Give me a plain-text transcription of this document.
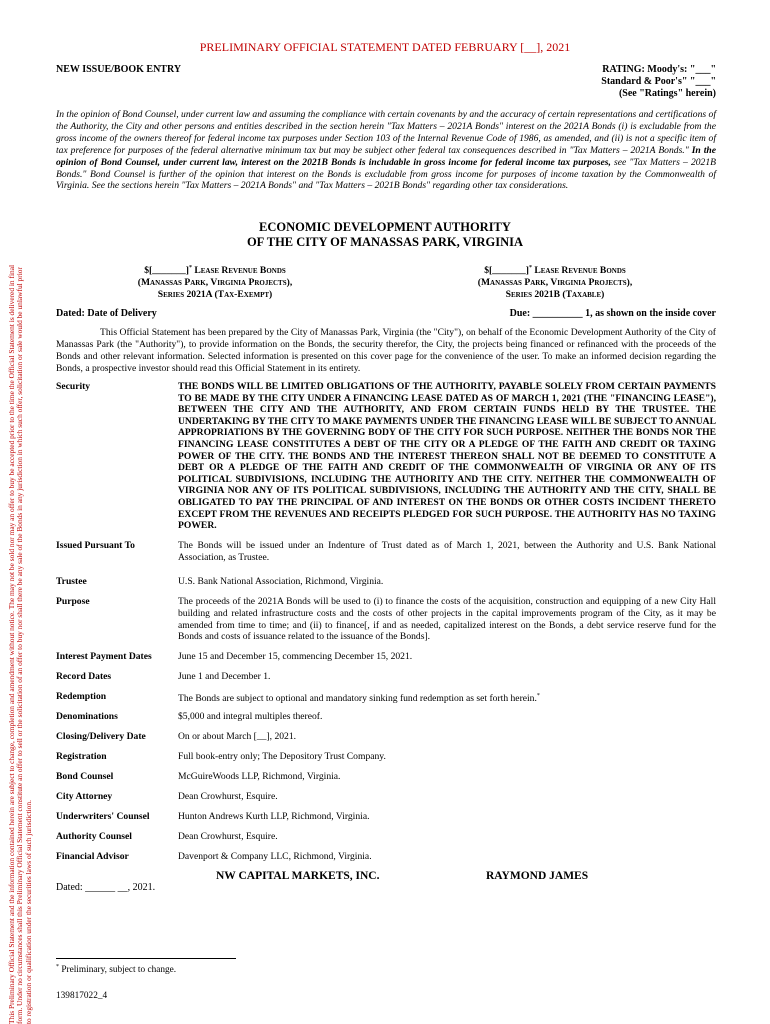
This Preliminary Official Statement and the information contained herein are subject to change, completion and amendment without notice. The may not be sold nor may an offer to buy be accepted prior to the time the Official Statement is delivered in final form. Under no circumstances shall this Preliminary Official Statement constitute an offer to sell or the solicitation of an offer to buy nor shall there be any sale of the Bonds in any jurisdiction in which such offer, solicitation or sale would be unlawful prior to registration or qualification under the securities laws of such jurisdiction.
PRELIMINARY OFFICIAL STATEMENT DATED FEBRUARY [__], 2021
NEW ISSUE/BOOK ENTRY	RATING: Moody's: "___"
Standard & Poor's" "___"
(See "Ratings" herein)
In the opinion of Bond Counsel, under current law and assuming the compliance with certain covenants by and the accuracy of certain representations and certifications of the Authority, the City and other persons and entities described in the section herein "Tax Matters – 2021A Bonds" interest on the 2021A Bonds (i) is excludable from the gross income of the owners thereof for federal income tax purposes under Section 103 of the Internal Revenue Code of 1986, as amended, and (ii) is not a specific item of tax preference for purposes of the federal alternative minimum tax but may be subject other federal tax consequences described in "Tax Matters – 2021A Bonds." In the opinion of Bond Counsel, under current law, interest on the 2021B Bonds is includable in gross income for federal income tax purposes, see "Tax Matters – 2021B Bonds." Bond Counsel is further of the opinion that interest on the Bonds is excludable from gross income for purposes of income taxation by the Commonwealth of Virginia. See the sections herein "Tax Matters – 2021A Bonds" and "Tax Matters – 2021B Bonds" regarding other tax considerations.
ECONOMIC DEVELOPMENT AUTHORITY
OF THE CITY OF MANASSAS PARK, VIRGINIA
$[_______]* Lease Revenue Bonds
(Manassas Park, Virginia Projects),
Series 2021A (Tax-Exempt)
$[_______]* Lease Revenue Bonds
(Manassas Park, Virginia Projects),
Series 2021B (Taxable)
Dated: Date of Delivery	Due: __________ 1, as shown on the inside cover
This Official Statement has been prepared by the City of Manassas Park, Virginia (the "City"), on behalf of the Economic Development Authority of the City of Manassas Park (the "Authority"), to provide information on the Bonds, the security therefor, the City, the projects being financed or refinanced with the proceeds of the Bonds and other relevant information. Selected information is presented on this cover page for the convenience of the user. To make an informed decision regarding the Bonds, a prospective investor should read this Official Statement in its entirety.
Security	THE BONDS WILL BE LIMITED OBLIGATIONS OF THE AUTHORITY, PAYABLE SOLELY FROM CERTAIN PAYMENTS TO BE MADE BY THE CITY UNDER A FINANCING LEASE DATED AS OF MARCH 1, 2021 (THE "FINANCING LEASE"), BETWEEN THE CITY AND THE AUTHORITY, AND FROM CERTAIN FUNDS HELD BY THE TRUSTEE. THE UNDERTAKING BY THE CITY TO MAKE PAYMENTS UNDER THE FINANCING LEASE WILL BE SUBJECT TO ANNUAL APPROPRIATIONS BY THE GOVERNING BODY OF THE CITY FOR SUCH PURPOSE. NEITHER THE BONDS NOR THE FINANCING LEASE CONSTITUTES A DEBT OF THE CITY OR A PLEDGE OF THE FAITH AND CREDIT OR TAXING POWER OF THE CITY. THE BONDS AND THE INTEREST THEREON SHALL NOT BE DEEMED TO CONSTITUTE A DEBT OR A PLEDGE OF THE FAITH AND CREDIT OF THE COMMONWEALTH OF VIRGINIA OR ANY OF ITS POLITICAL SUBDIVISIONS, INCLUDING THE AUTHORITY AND THE CITY. NEITHER THE COMMONWEALTH OF VIRGINIA NOR ANY OF ITS POLITICAL SUBDIVISIONS, INCLUDING THE AUTHORITY AND THE CITY, SHALL BE OBLIGATED TO PAY THE PRINCIPAL OF AND INTEREST ON THE BONDS OR OTHER COSTS INCIDENT THERETO EXCEPT FROM THE REVENUES AND RECEIPTS PLEDGED FOR SUCH PURPOSE. THE AUTHORITY HAS NO TAXING POWER.
Issued Pursuant To	The Bonds will be issued under an Indenture of Trust dated as of March 1, 2021, between the Authority and U.S. Bank National Association, as Trustee.
Trustee	U.S. Bank National Association, Richmond, Virginia.
Purpose	The proceeds of the 2021A Bonds will be used to (i) to finance the costs of the acquisition, construction and equipping of a new City Hall building and related infrastructure costs and the costs of other projects in the capital improvements program of the City, as it may be amended from time to time; and (ii) to finance[, if and as needed, capitalized interest on the Bonds, a debt service reserve fund for the Bonds and costs of issuance related to the issuance of the Bonds].
Interest Payment Dates	June 15 and December 15, commencing December 15, 2021.
Record Dates	June 1 and December 1.
Redemption	The Bonds are subject to optional and mandatory sinking fund redemption as set forth herein.*
Denominations	$5,000 and integral multiples thereof.
Closing/Delivery Date	On or about March [__], 2021.
Registration	Full book-entry only; The Depository Trust Company.
Bond Counsel	McGuireWoods LLP, Richmond, Virginia.
City Attorney	Dean Crowhurst, Esquire.
Underwriters' Counsel	Hunton Andrews Kurth LLP, Richmond, Virginia.
Authority Counsel	Dean Crowhurst, Esquire.
Financial Advisor	Davenport & Company LLC, Richmond, Virginia.
NW CAPITAL MARKETS, INC.	RAYMOND JAMES
Dated: ______ __, 2021.
* Preliminary, subject to change.
139817022_4
